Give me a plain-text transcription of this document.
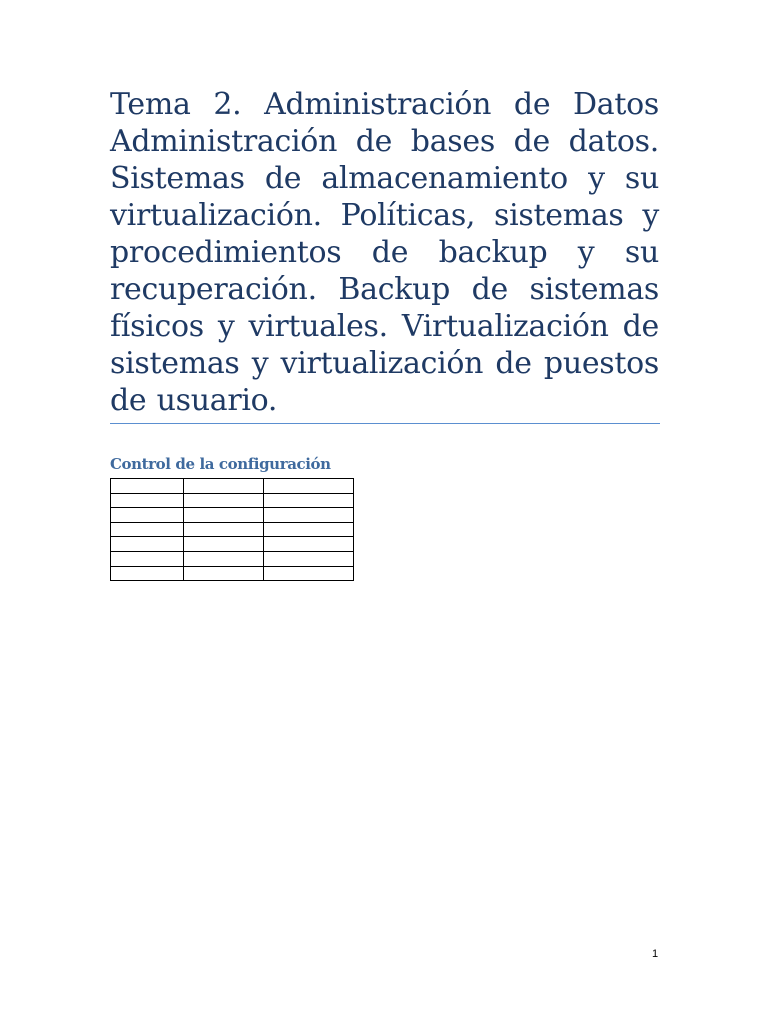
Tema 2. Administración de Datos Administración de bases de datos. Sistemas de almacenamiento y su virtualización. Políticas, sistemas y procedimientos de backup y su recuperación. Backup de sistemas físicos y virtuales. Virtualización de sistemas y virtualización de puestos de usuario.
Control de la configuración

1
